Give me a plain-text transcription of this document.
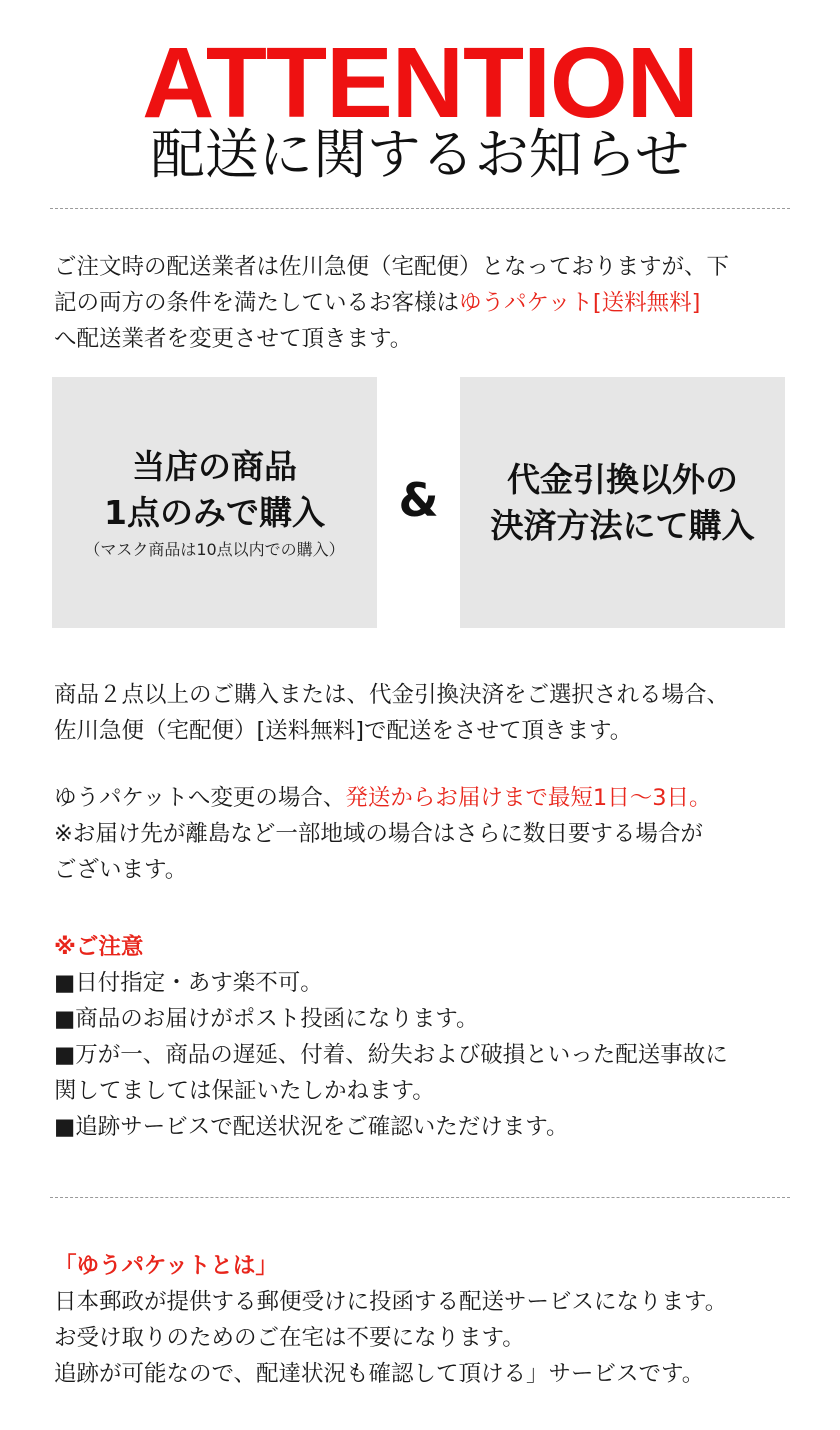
ATTENTION
配送に関するお知らせ
ご注文時の配送業者は佐川急便（宅配便）となっておりますが、下
記の両方の条件を満たしているお客様はゆうパケット[送料無料]
へ配送業者を変更させて頂きます。
当店の商品
1点のみで購入
（マスク商品は10点以内での購入）
&	代金引換以外の
決済方法にて購入
商品２点以上のご購入または、代金引換決済をご選択される場合、
佐川急便（宅配便）[送料無料]で配送をさせて頂きます。
ゆうパケットへ変更の場合、発送からお届けまで最短1日〜3日。
※お届け先が離島など一部地域の場合はさらに数日要する場合が
ございます。
※ご注意
■日付指定・あす楽不可。
■商品のお届けがポスト投函になります。
■万が一、商品の遅延、付着、紛失および破損といった配送事故に
関してましては保証いたしかねます。
■追跡サービスで配送状況をご確認いただけます。
「ゆうパケットとは」
日本郵政が提供する郵便受けに投函する配送サービスになります。
お受け取りのためのご在宅は不要になります。
追跡が可能なので、配達状況も確認して頂ける」サービスです。
